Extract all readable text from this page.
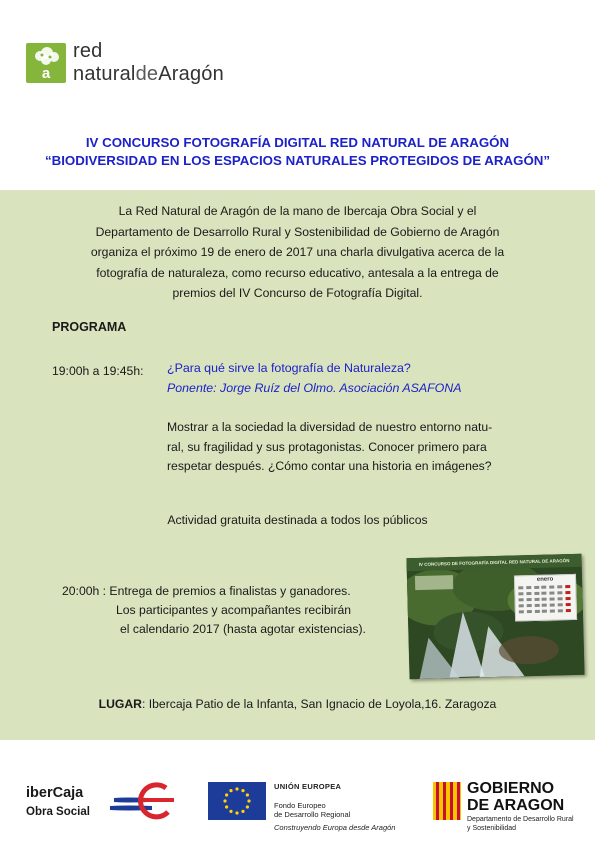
a
red
naturaldeAragón
IV CONCURSO FOTOGRAFÍA DIGITAL RED NATURAL DE ARAGÓN
“BIODIVERSIDAD EN LOS ESPACIOS NATURALES PROTEGIDOS DE ARAGÓN”
La Red Natural de Aragón de la mano de Ibercaja Obra Social y el
Departamento de Desarrollo Rural y Sostenibilidad de Gobierno de Aragón
organiza el próximo 19 de enero de 2017 una charla divulgativa acerca de la
fotografía de naturaleza, como recurso educativo, antesala a la entrega de
premios del IV Concurso de Fotografía Digital.
PROGRAMA
19:00h a 19:45h: ¿Para qué sirve la fotografía de Naturaleza?
Ponente: Jorge Ruíz del Olmo. Asociación ASAFONA
Mostrar a la sociedad la diversidad de nuestro entorno natu-
ral, su fragilidad y sus protagonistas. Conocer primero para
respetar después. ¿Cómo contar una historia en imágenes?
Actividad gratuita destinada a todos los públicos
20:00h : Entrega de premios a finalistas y ganadores.
Los participantes y acompañantes recibirán
el calendario 2017 (hasta agotar existencias).
IV CONCURSO DE FOTOGRAFÍA DIGITAL RED NATURAL DE ARAGÓN
enero
LUGAR: Ibercaja Patio de la Infanta, San Ignacio de Loyola,16. Zaragoza
iberCaja
Obra Social
UNIÓN EUROPEA
Fondo Europeo
de Desarrollo Regional
Construyendo Europa desde Aragón
GOBIERNO
DE ARAGON
Departamento de Desarrollo Rural
y Sostenibilidad
